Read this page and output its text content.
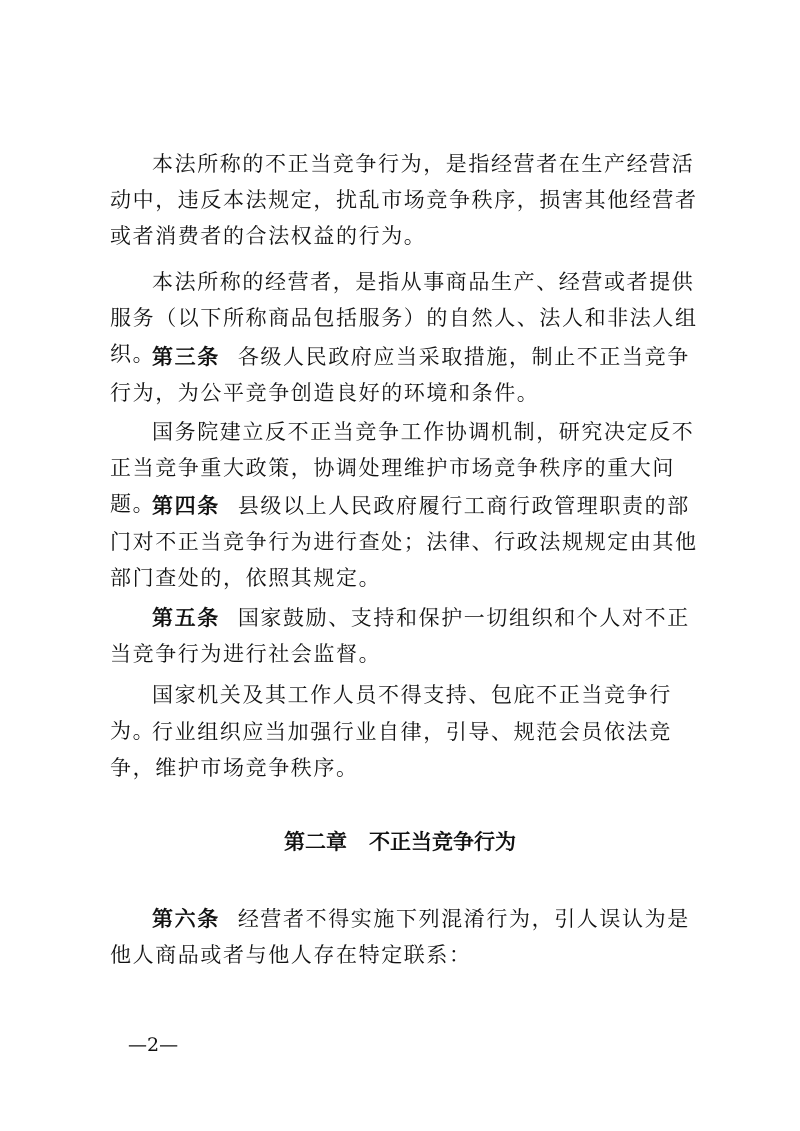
本法所称的不正当竞争行为，是指经营者在生产经营活动中，违反本法规定，扰乱市场竞争秩序，损害其他经营者或者消费者的合法权益的行为。

本法所称的经营者，是指从事商品生产、经营或者提供服务（以下所称商品包括服务）的自然人、法人和非法人组织。

第三条 各级人民政府应当采取措施，制止不正当竞争行为，为公平竞争创造良好的环境和条件。

国务院建立反不正当竞争工作协调机制，研究决定反不正当竞争重大政策，协调处理维护市场竞争秩序的重大问题。

第四条 县级以上人民政府履行工商行政管理职责的部门对不正当竞争行为进行查处；法律、行政法规规定由其他部门查处的，依照其规定。

第五条 国家鼓励、支持和保护一切组织和个人对不正当竞争行为进行社会监督。

国家机关及其工作人员不得支持、包庇不正当竞争行为。

行业组织应当加强行业自律，引导、规范会员依法竞争，维护市场竞争秩序。

第二章 不正当竞争行为

第六条 经营者不得实施下列混淆行为，引人误认为是他人商品或者与他人存在特定联系：

—2—
